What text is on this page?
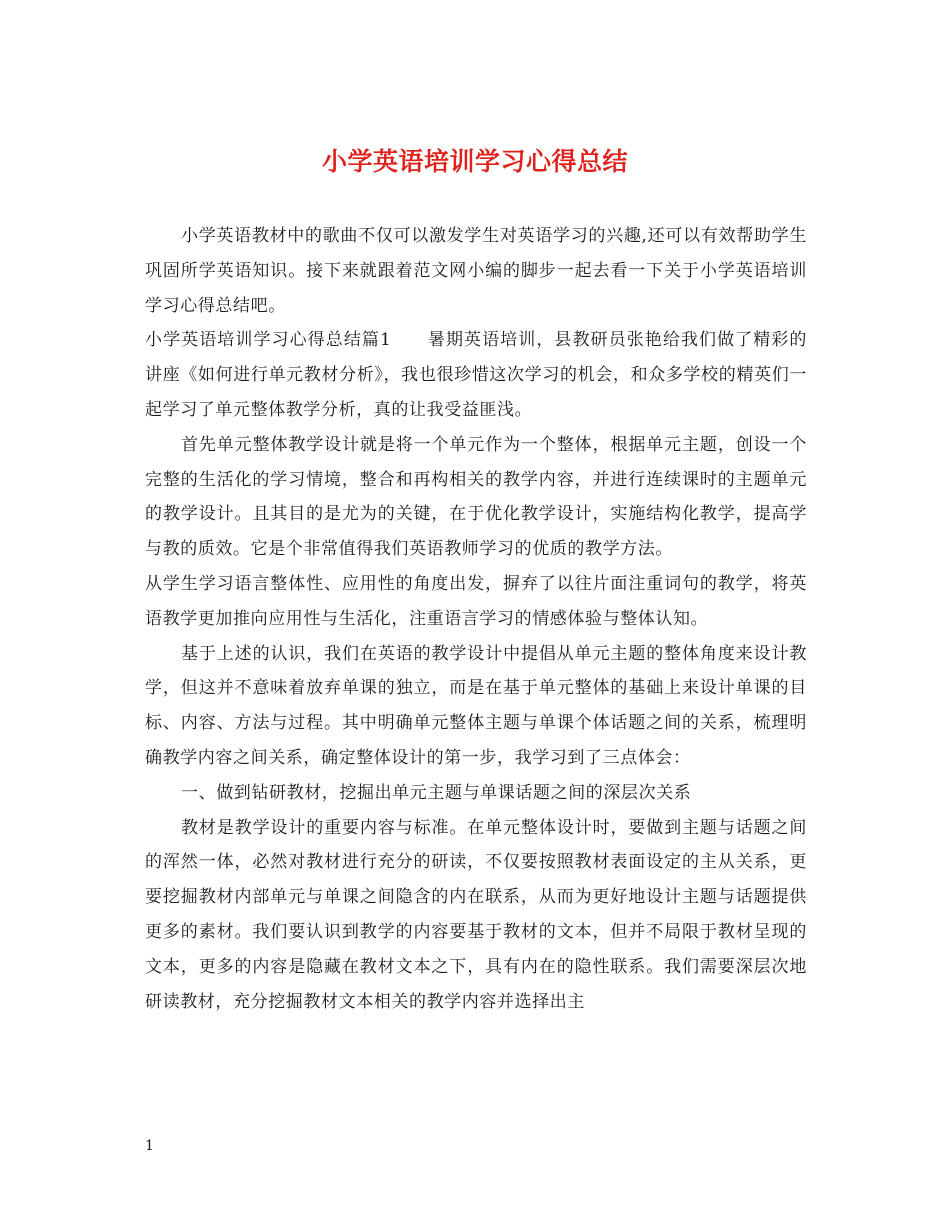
小学英语培训学习心得总结

小学英语教材中的歌曲不仅可以激发学生对英语学习的兴趣,还可以有效帮助学生巩固所学英语知识。接下来就跟着范文网小编的脚步一起去看一下关于小学英语培训学习心得总结吧。

小学英语培训学习心得总结篇1 暑期英语培训，县教研员张艳给我们做了精彩的讲座《如何进行单元教材分析》，我也很珍惜这次学习的机会，和众多学校的精英们一起学习了单元整体教学分析，真的让我受益匪浅。

首先单元整体教学设计就是将一个单元作为一个整体，根据单元主题，创设一个完整的生活化的学习情境，整合和再构相关的教学内容，并进行连续课时的主题单元的教学设计。且其目的是尤为的关键，在于优化教学设计，实施结构化教学，提高学与教的质效。它是个非常值得我们英语教师学习的优质的教学方法。

从学生学习语言整体性、应用性的角度出发，摒弃了以往片面注重词句的教学，将英语教学更加推向应用性与生活化，注重语言学习的情感体验与整体认知。

基于上述的认识，我们在英语的教学设计中提倡从单元主题的整体角度来设计教学，但这并不意味着放弃单课的独立，而是在基于单元整体的基础上来设计单课的目标、内容、方法与过程。其中明确单元整体主题与单课个体话题之间的关系，梳理明确教学内容之间关系，确定整体设计的第一步，我学习到了三点体会：

一、做到钻研教材，挖掘出单元主题与单课话题之间的深层次关系

教材是教学设计的重要内容与标准。在单元整体设计时，要做到主题与话题之间的浑然一体，必然对教材进行充分的研读，不仅要按照教材表面设定的主从关系，更要挖掘教材内部单元与单课之间隐含的内在联系，从而为更好地设计主题与话题提供更多的素材。我们要认识到教学的内容要基于教材的文本，但并不局限于教材呈现的文本，更多的内容是隐藏在教材文本之下，具有内在的隐性联系。我们需要深层次地研读教材，充分挖掘教材文本相关的教学内容并选择出主

1
